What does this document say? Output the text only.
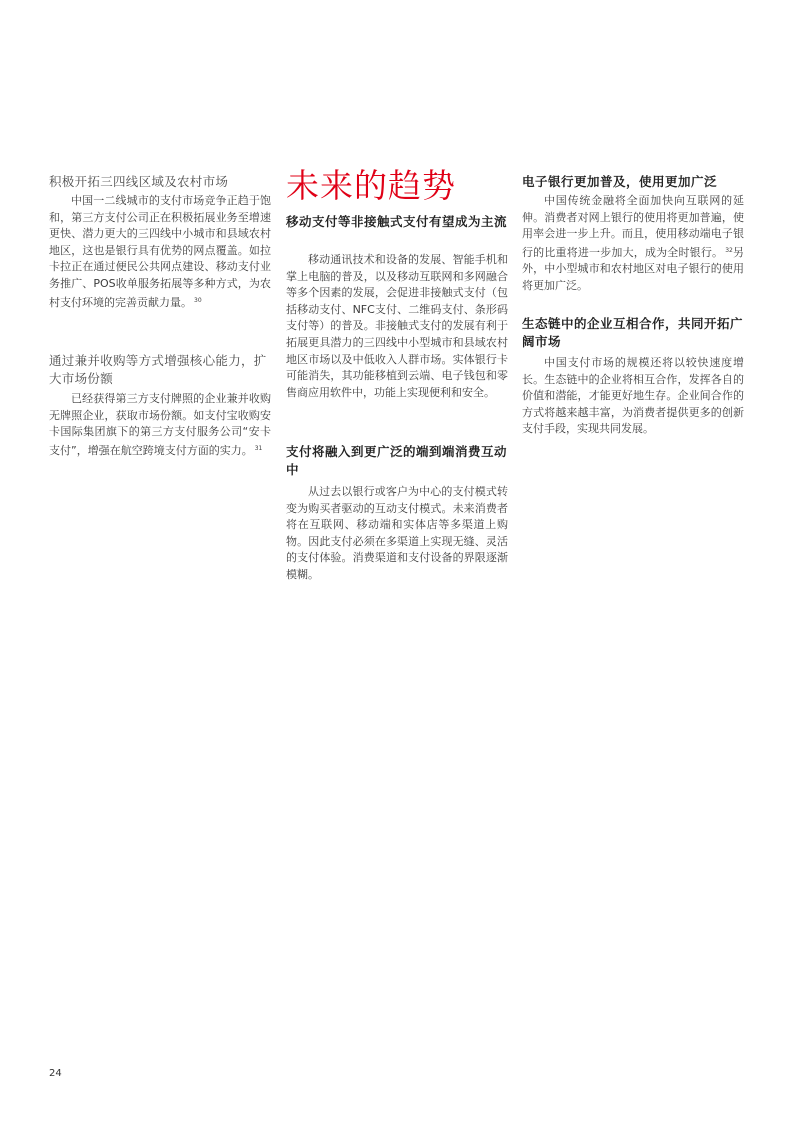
积极开拓三四线区域及农村市场

中国一二线城市的支付市场竞争正趋于饱和，第三方支付公司正在积极拓展业务至增速更快、潜力更大的三四线中小城市和县域农村地区，这也是银行具有优势的网点覆盖。如拉卡拉正在通过便民公共网点建设、移动支付业务推广、POS收单服务拓展等多种方式，为农村支付环境的完善贡献力量。 $^{30}$

通过兼并收购等方式增强核心能力，扩大市场份额

已经获得第三方支付牌照的企业兼并收购无牌照企业，获取市场份额。如支付宝收购安卡国际集团旗下的第三方支付服务公司“安卡支付”，增强在航空跨境支付方面的实力。 $^{31}$

未来的趋势
移动支付等非接触式支付有望成为主流

移动通讯技术和设备的发展、智能手机和掌上电脑的普及，以及移动互联网和多网融合等多个因素的发展，会促进非接触式支付（包括移动支付、NFC支付、二维码支付、条形码支付等）的普及。非接触式支付的发展有利于拓展更具潜力的三四线中小型城市和县域农村地区市场以及中低收入人群市场。实体银行卡可能消失，其功能移植到云端、电子钱包和零售商应用软件中，功能上实现便利和安全。

支付将融入到更广泛的端到端消费互动中

从过去以银行或客户为中心的支付模式转变为购买者驱动的互动支付模式。未来消费者将在互联网、移动端和实体店等多渠道上购物。因此支付必须在多渠道上实现无缝、灵活的支付体验。消费渠道和支付设备的界限逐渐模糊。

电子银行更加普及，使用更加广泛

中国传统金融将全面加快向互联网的延伸。消费者对网上银行的使用将更加普遍，使用率会进一步上升。而且，使用移动端电子银行的比重将进一步加大，成为全时银行。 $^{32}$另外，中小型城市和农村地区对电子银行的使用将更加广泛。

生态链中的企业互相合作，共同开拓广阔市场

中国支付市场的规模还将以较快速度增长。生态链中的企业将相互合作，发挥各自的价值和潜能，才能更好地生存。企业间合作的方式将越来越丰富，为消费者提供更多的创新支付手段，实现共同发展。

24
